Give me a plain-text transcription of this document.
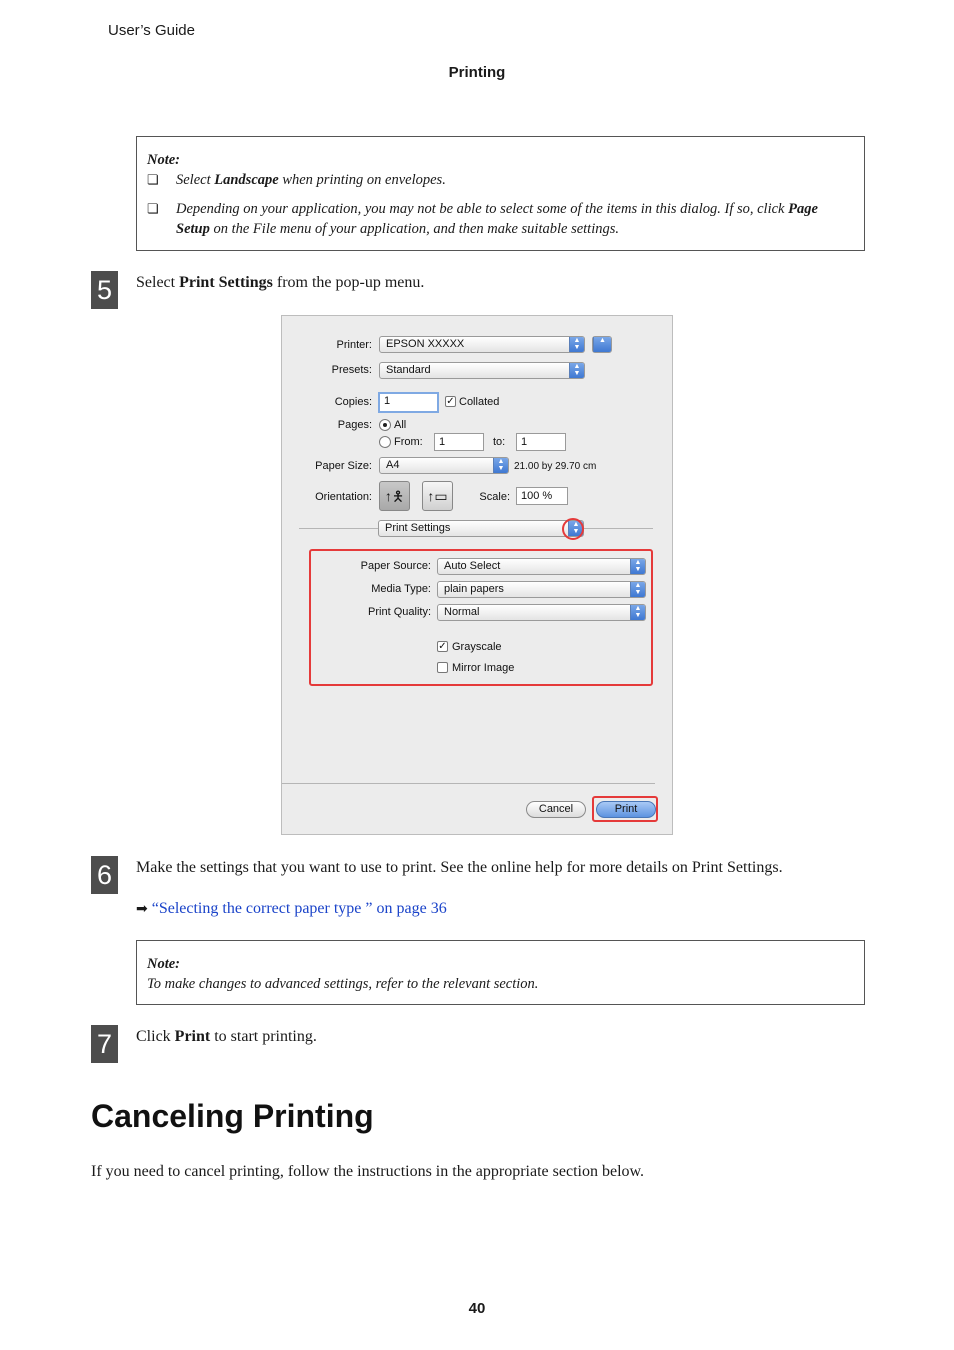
User’s Guide
Printing
Note:
❏	Select Landscape when printing on envelopes.
❏	Depending on your application, you may not be able to select some of the items in this dialog. If so, click Page Setup on the File menu of your application, and then make suitable settings.
5	Select Print Settings from the pop-up menu.
Printer:	EPSON XXXXX	▲
▼
▲
Presets:	Standard	▲
▼
Copies:	1	✓ Collated
Pages: All
From:	1	to:	1
Paper Size:	A4	▲
▼ 21.00 by 29.70 cm
Orientation: ↑🯅	↑▭	Scale:	100 %
Print Settings	▲
▼
Paper Source:	Auto Select	▲
▼
Media Type:	plain papers	▲
▼
Print Quality:	Normal	▲
▼
✓ Grayscale
Mirror Image
Cancel	Print
6	Make the settings that you want to use to print. See the online help for more details on Print Settings.
➡ “Selecting the correct paper type ” on page 36
Note:
To make changes to advanced settings, refer to the relevant section.
7	Click Print to start printing.
Canceling Printing
If you need to cancel printing, follow the instructions in the appropriate section below.
40
